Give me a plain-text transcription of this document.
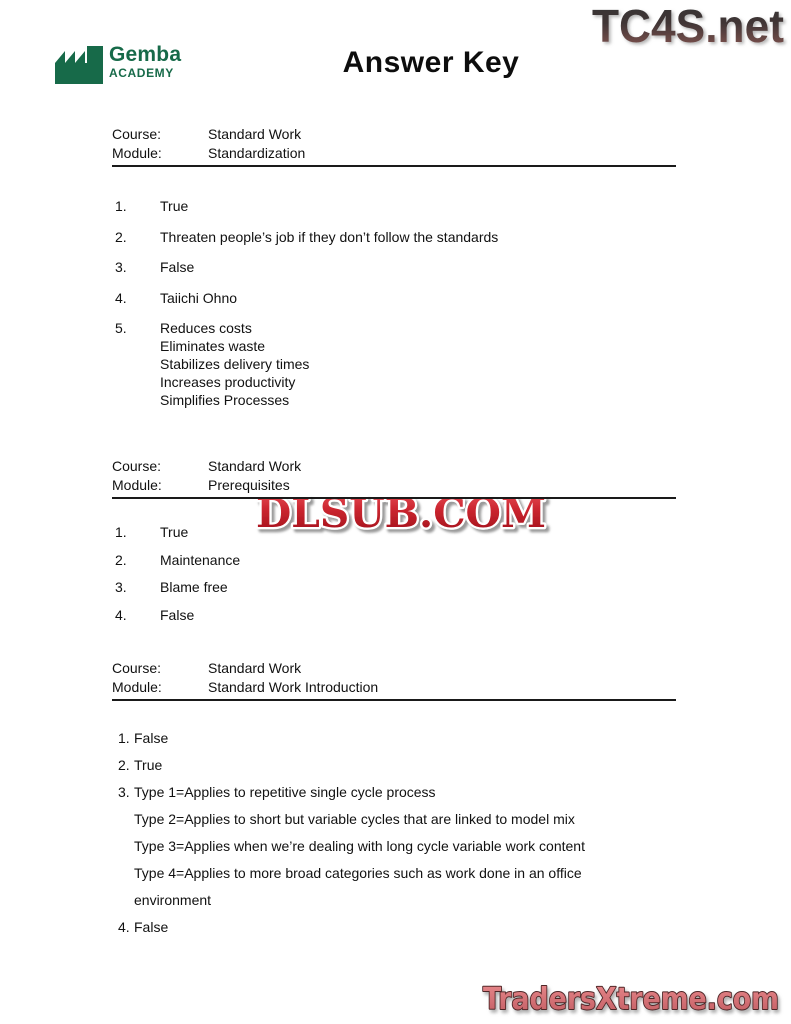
Gemba
ACADEMY	Answer Key
TC4S.net
DLSUB.COM
TradersXtreme.com
Course:	Standard Work
Module:	Standardization
1.	True
2.	Threaten people’s job if they don’t follow the standards
3.	False
4.	Taiichi Ohno
5.	Reduces costs
Eliminates waste
Stabilizes delivery times
Increases productivity
Simplifies Processes
Course:	Standard Work
Module:	Prerequisites
1.	True
2.	Maintenance
3.	Blame free
4.	False
Course:	Standard Work
Module:	Standard Work Introduction
1. False
2. True
3. Type 1=Applies to repetitive single cycle process
Type 2=Applies to short but variable cycles that are linked to model mix
Type 3=Applies when we’re dealing with long cycle variable work content
Type 4=Applies to more broad categories such as work done in an office environment
4. False
